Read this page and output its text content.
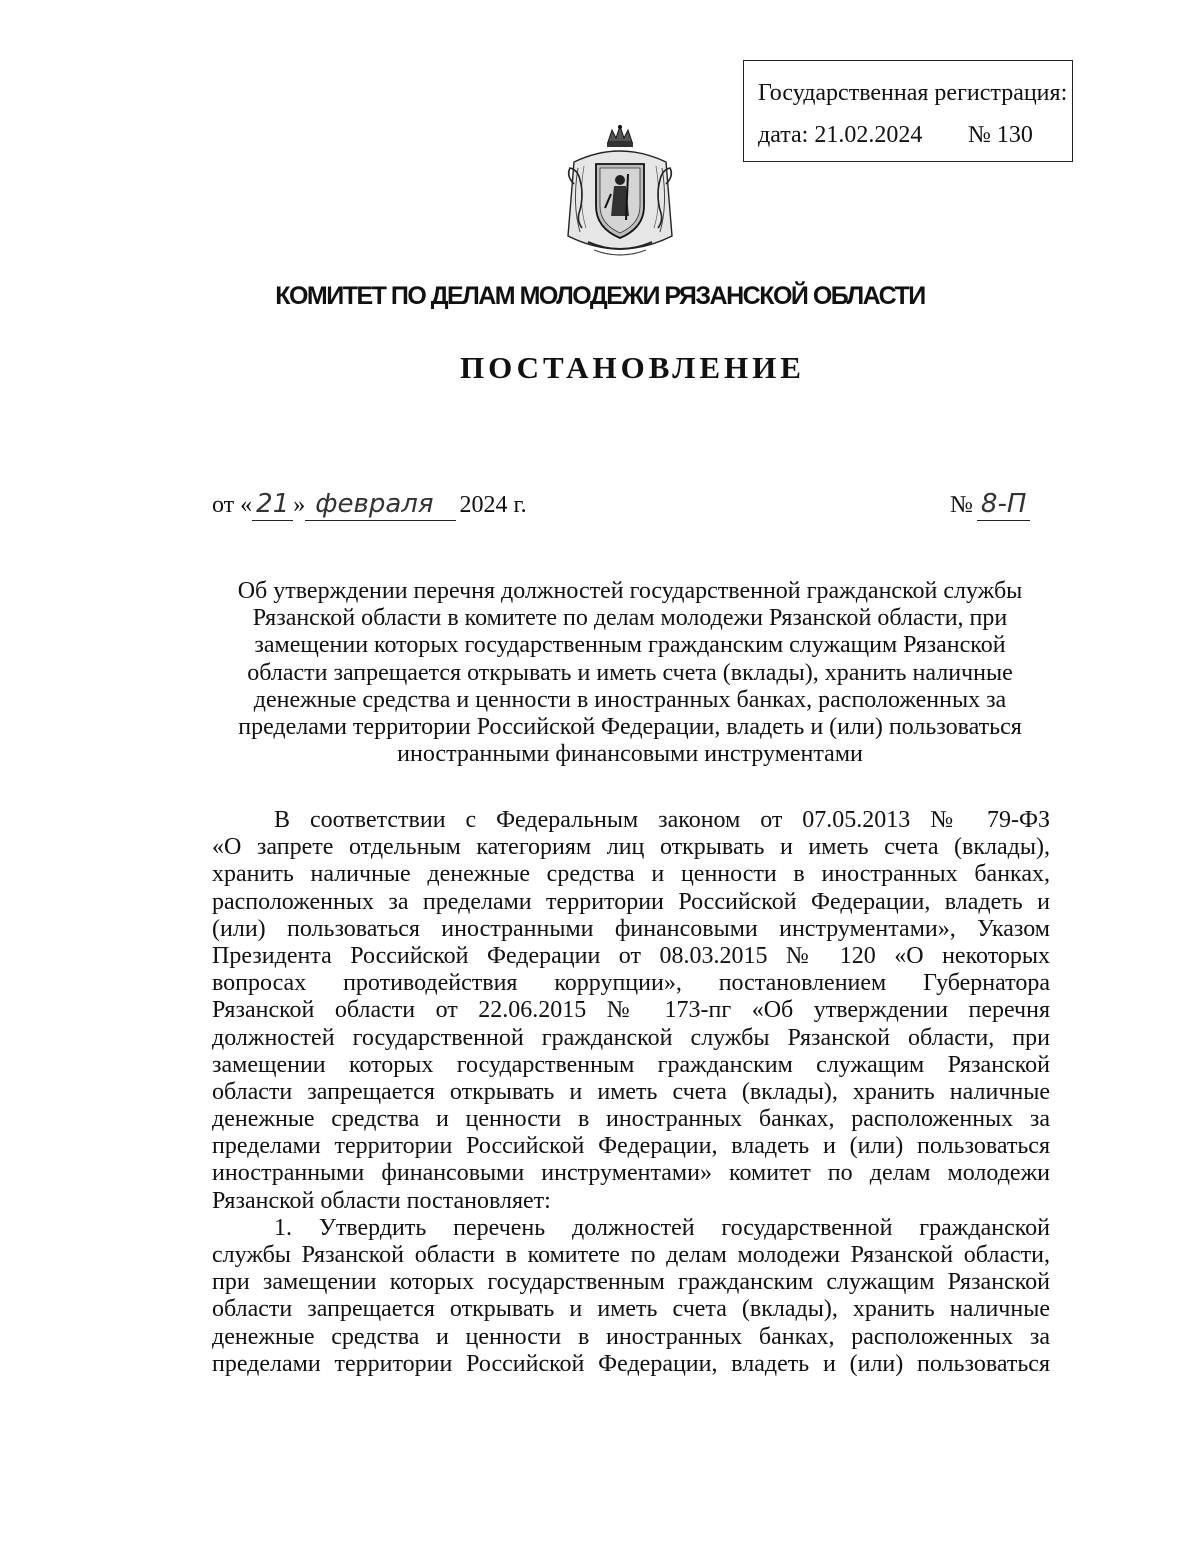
Государственная регистрация:
дата: 21.02.2024 № 130
КОМИТЕТ ПО ДЕЛАМ МОЛОДЕЖИ РЯЗАНСКОЙ ОБЛАСТИ
ПОСТАНОВЛЕНИЕ
от « 21 » февраля	2024 г.	№ 8-П
Об утверждении перечня должностей государственной гражданской службы
Рязанской области в комитете по делам молодежи Рязанской области, при
замещении которых государственным гражданским служащим Рязанской
области запрещается открывать и иметь счета (вклады), хранить наличные
денежные средства и ценности в иностранных банках, расположенных за
пределами территории Российской Федерации, владеть и (или) пользоваться
иностранными финансовыми инструментами
В соответствии с Федеральным законом от 07.05.2013 № 79-ФЗ
«О запрете отдельным категориям лиц открывать и иметь счета (вклады),
хранить наличные денежные средства и ценности в иностранных банках,
расположенных за пределами территории Российской Федерации, владеть и
(или) пользоваться иностранными финансовыми инструментами», Указом
Президента Российской Федерации от 08.03.2015 № 120 «О некоторых
вопросах противодействия коррупции», постановлением Губернатора
Рязанской области от 22.06.2015 № 173-пг «Об утверждении перечня
должностей государственной гражданской службы Рязанской области, при
замещении которых государственным гражданским служащим Рязанской
области запрещается открывать и иметь счета (вклады), хранить наличные
денежные средства и ценности в иностранных банках, расположенных за
пределами территории Российской Федерации, владеть и (или) пользоваться
иностранными финансовыми инструментами» комитет по делам молодежи
Рязанской области постановляет:
1. Утвердить перечень должностей государственной гражданской
службы Рязанской области в комитете по делам молодежи Рязанской области,
при замещении которых государственным гражданским служащим Рязанской
области запрещается открывать и иметь счета (вклады), хранить наличные
денежные средства и ценности в иностранных банках, расположенных за
пределами территории Российской Федерации, владеть и (или) пользоваться
